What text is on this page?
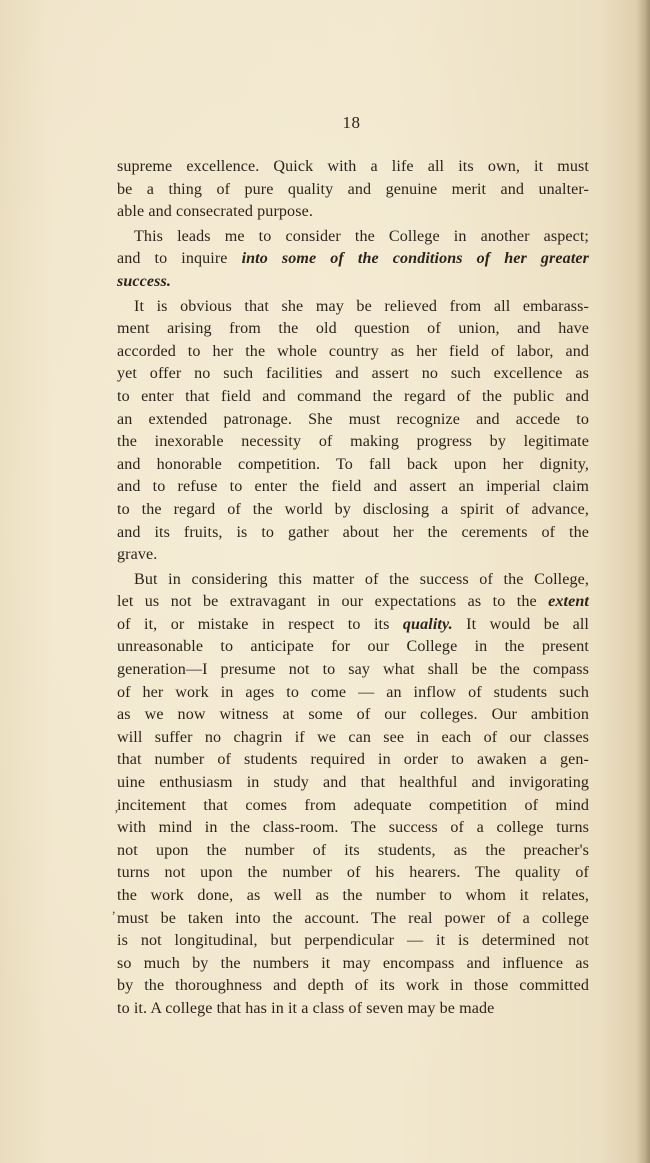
18
supreme excellence. Quick with a life all its own, it must
be a thing of pure quality and genuine merit and unalter-
able and consecrated purpose.
This leads me to consider the College in another aspect;
and to inquire into some of the conditions of her greater
success.
It is obvious that she may be relieved from all embarass-
ment arising from the old question of union, and have
accorded to her the whole country as her field of labor, and
yet offer no such facilities and assert no such excellence as
to enter that field and command the regard of the public and
an extended patronage. She must recognize and accede to
the inexorable necessity of making progress by legitimate
and honorable competition. To fall back upon her dignity,
and to refuse to enter the field and assert an imperial claim
to the regard of the world by disclosing a spirit of advance,
and its fruits, is to gather about her the cerements of the
grave.
But in considering this matter of the success of the College,
let us not be extravagant in our expectations as to the extent
of it, or mistake in respect to its quality. It would be all
unreasonable to anticipate for our College in the present
generation—I presume not to say what shall be the compass
of her work in ages to come — an inflow of students such
as we now witness at some of our colleges. Our ambition
will suffer no chagrin if we can see in each of our classes
that number of students required in order to awaken a gen-
uine enthusiasm in study and that healthful and invigorating
incitement that comes from adequate competition of mind
with mind in the class-room. The success of a college turns
not upon the number of its students, as the preacher's
turns not upon the number of his hearers. The quality of
the work done, as well as the number to whom it relates,
must be taken into the account. The real power of a college
is not longitudinal, but perpendicular — it is determined not
so much by the numbers it may encompass and influence as
by the thoroughness and depth of its work in those committed
to it. A college that has in it a class of seven may be made
’
,
